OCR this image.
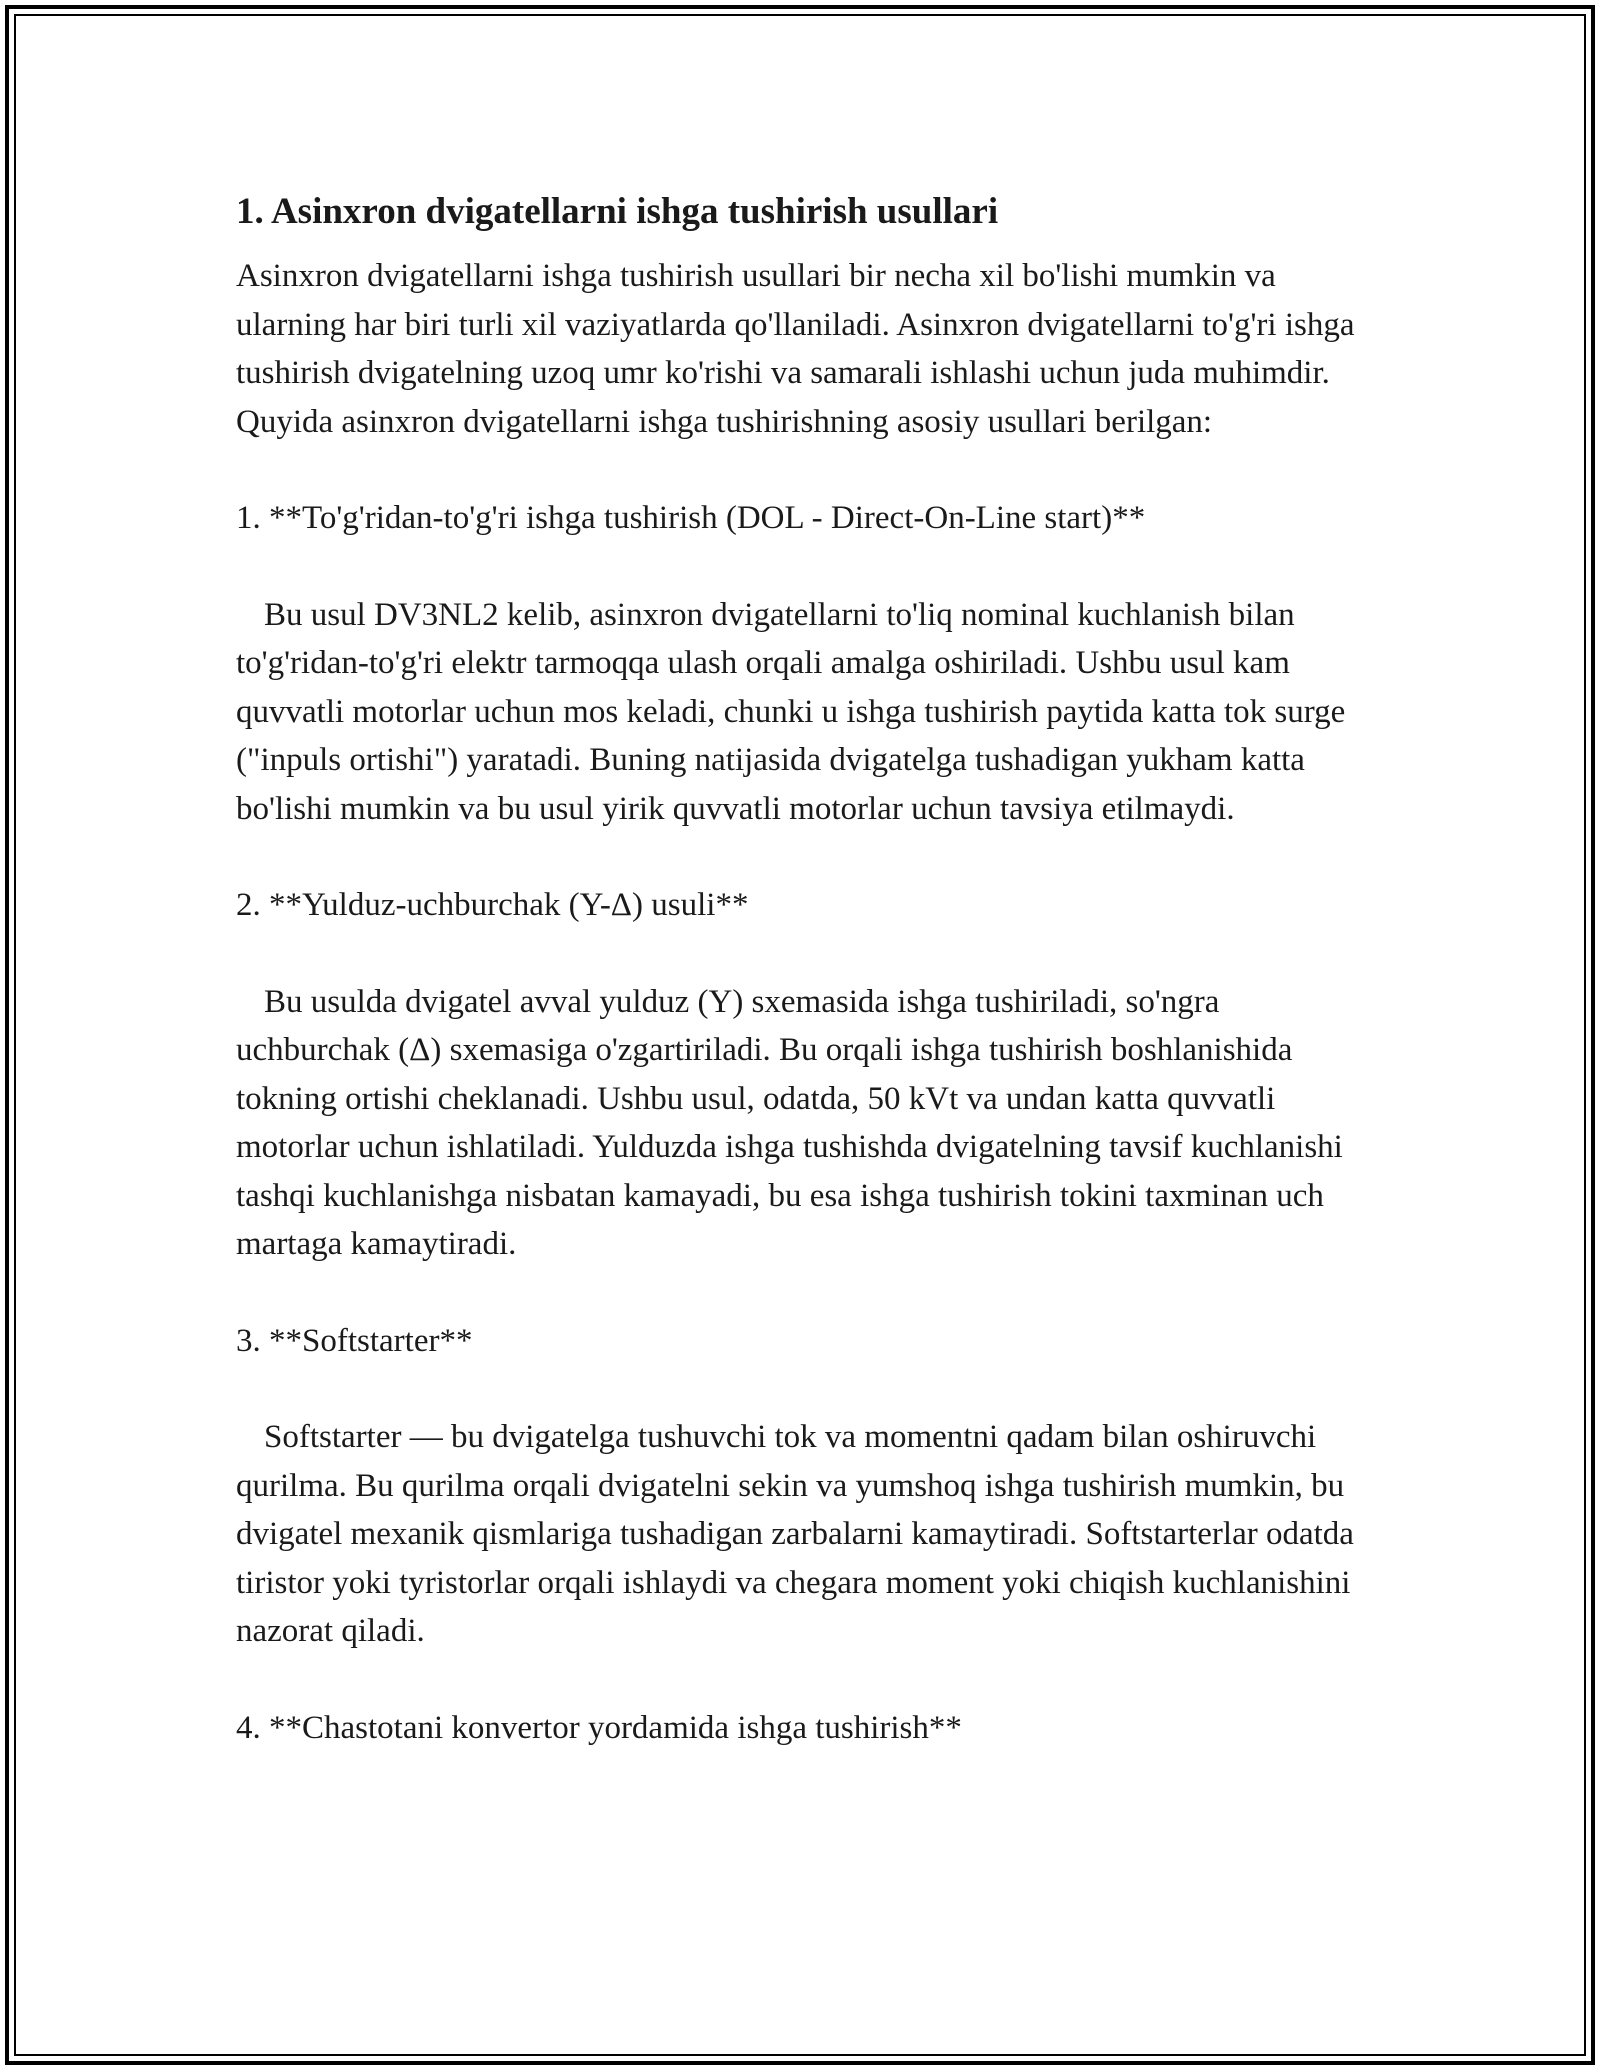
1. Asinxron dvigatellarni ishga tushirish usullari

Asinxron dvigatellarni ishga tushirish usullari bir necha xil bo'lishi mumkin va ularning har biri turli xil vaziyatlarda qo'llaniladi. Asinxron dvigatellarni to'g'ri ishga tushirish dvigatelning uzoq umr ko'rishi va samarali ishlashi uchun juda muhimdir. Quyida asinxron dvigatellarni ishga tushirishning asosiy usullari berilgan:

1. **To'g'ridan-to'g'ri ishga tushirish (DOL - Direct-On-Line start)**

Bu usul DV3NL2 kelib, asinxron dvigatellarni to'liq nominal kuchlanish bilan to'g'ridan-to'g'ri elektr tarmoqqa ulash orqali amalga oshiriladi. Ushbu usul kam quvvatli motorlar uchun mos keladi, chunki u ishga tushirish paytida katta tok surge ("inpuls ortishi") yaratadi. Buning natijasida dvigatelga tushadigan yukham katta bo'lishi mumkin va bu usul yirik quvvatli motorlar uchun tavsiya etilmaydi.

2. **Yulduz-uchburchak (Y-Δ) usuli**

Bu usulda dvigatel avval yulduz (Y) sxemasida ishga tushiriladi, so'ngra uchburchak (Δ) sxemasiga o'zgartiriladi. Bu orqali ishga tushirish boshlanishida tokning ortishi cheklanadi. Ushbu usul, odatda, 50 kVt va undan katta quvvatli motorlar uchun ishlatiladi. Yulduzda ishga tushishda dvigatelning tavsif kuchlanishi tashqi kuchlanishga nisbatan kamayadi, bu esa ishga tushirish tokini taxminan uch martaga kamaytiradi.

3. **Softstarter**

Softstarter — bu dvigatelga tushuvchi tok va momentni qadam bilan oshiruvchi qurilma. Bu qurilma orqali dvigatelni sekin va yumshoq ishga tushirish mumkin, bu dvigatel mexanik qismlariga tushadigan zarbalarni kamaytiradi. Softstarterlar odatda tiristor yoki tyristorlar orqali ishlaydi va chegara moment yoki chiqish kuchlanishini nazorat qiladi.

4. **Chastotani konvertor yordamida ishga tushirish**
